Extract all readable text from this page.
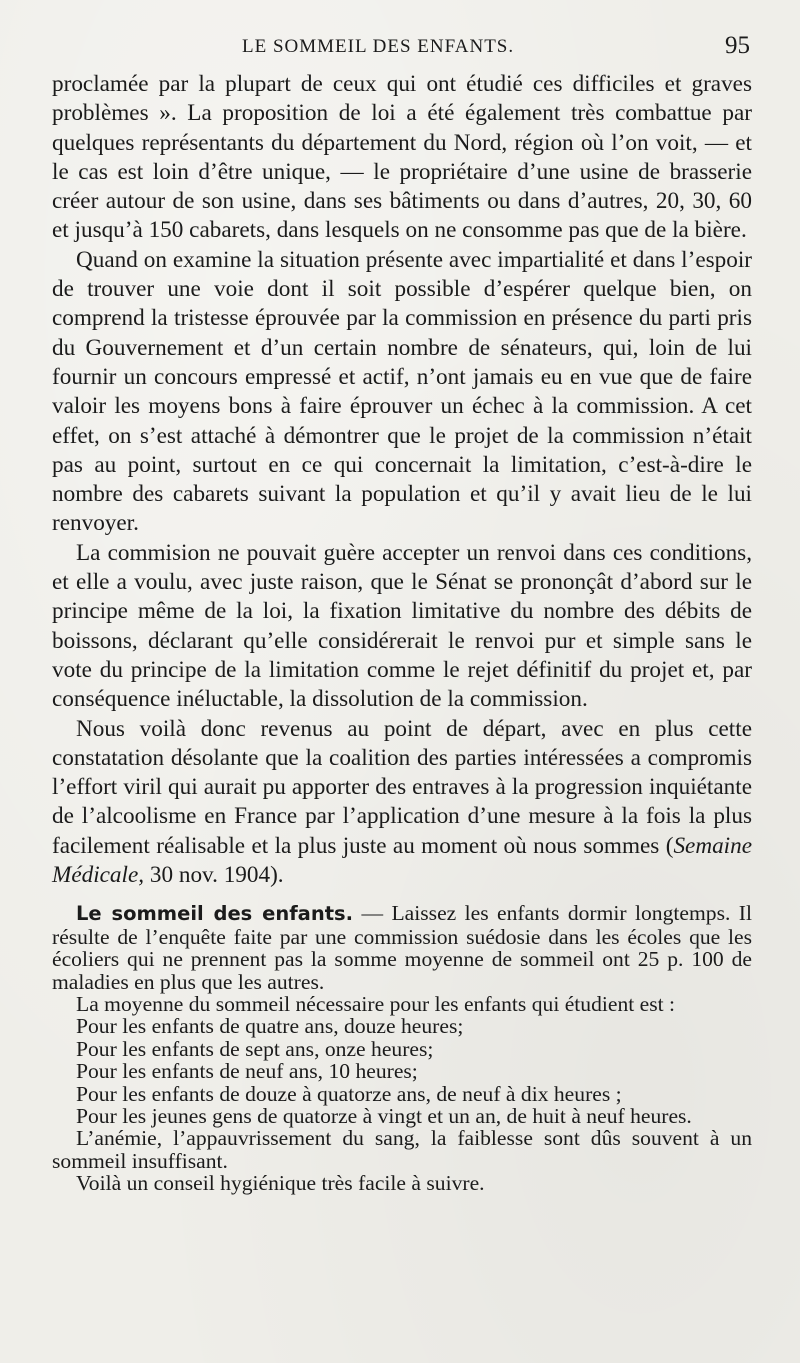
LE SOMMEIL DES ENFANTS.	95

proclamée par la plupart de ceux qui ont étudié ces difficiles et graves problèmes ». La proposition de loi a été également très combattue par quelques représentants du département du Nord, région où l’on voit, — et le cas est loin d’être unique, — le propriétaire d’une usine de brasserie créer autour de son usine, dans ses bâtiments ou dans d’autres, 20, 30, 60 et jusqu’à 150 cabarets, dans lesquels on ne consomme pas que de la bière.

Quand on examine la situation présente avec impartialité et dans l’espoir de trouver une voie dont il soit possible d’espérer quelque bien, on comprend la tristesse éprouvée par la commission en présence du parti pris du Gouvernement et d’un certain nombre de sénateurs, qui, loin de lui fournir un concours empressé et actif, n’ont jamais eu en vue que de faire valoir les moyens bons à faire éprouver un échec à la commission. A cet effet, on s’est attaché à démontrer que le projet de la commission n’était pas au point, surtout en ce qui concernait la limitation, c’est-à-dire le nombre des cabarets suivant la population et qu’il y avait lieu de le lui renvoyer.

La commision ne pouvait guère accepter un renvoi dans ces conditions, et elle a voulu, avec juste raison, que le Sénat se prononçât d’abord sur le principe même de la loi, la fixation limitative du nombre des débits de boissons, déclarant qu’elle considérerait le renvoi pur et simple sans le vote du principe de la limitation comme le rejet définitif du projet et, par conséquence inéluctable, la dissolution de la commission.

Nous voilà donc revenus au point de départ, avec en plus cette constatation désolante que la coalition des parties intéressées a compromis l’effort viril qui aurait pu apporter des entraves à la progression inquiétante de l’alcoolisme en France par l’application d’une mesure à la fois la plus facilement réalisable et la plus juste au moment où nous sommes (Semaine Médicale, 30 nov. 1904).

Le sommeil des enfants. — Laissez les enfants dormir longtemps. Il résulte de l’enquête faite par une commission suédosie dans les écoles que les écoliers qui ne prennent pas la somme moyenne de sommeil ont 25 p. 100 de maladies en plus que les autres.

La moyenne du sommeil nécessaire pour les enfants qui étudient est :

Pour les enfants de quatre ans, douze heures;

Pour les enfants de sept ans, onze heures;

Pour les enfants de neuf ans, 10 heures;

Pour les enfants de douze à quatorze ans, de neuf à dix heures ;

Pour les jeunes gens de quatorze à vingt et un an, de huit à neuf heures.

L’anémie, l’appauvrissement du sang, la faiblesse sont dûs souvent à un sommeil insuffisant.

Voilà un conseil hygiénique très facile à suivre.
